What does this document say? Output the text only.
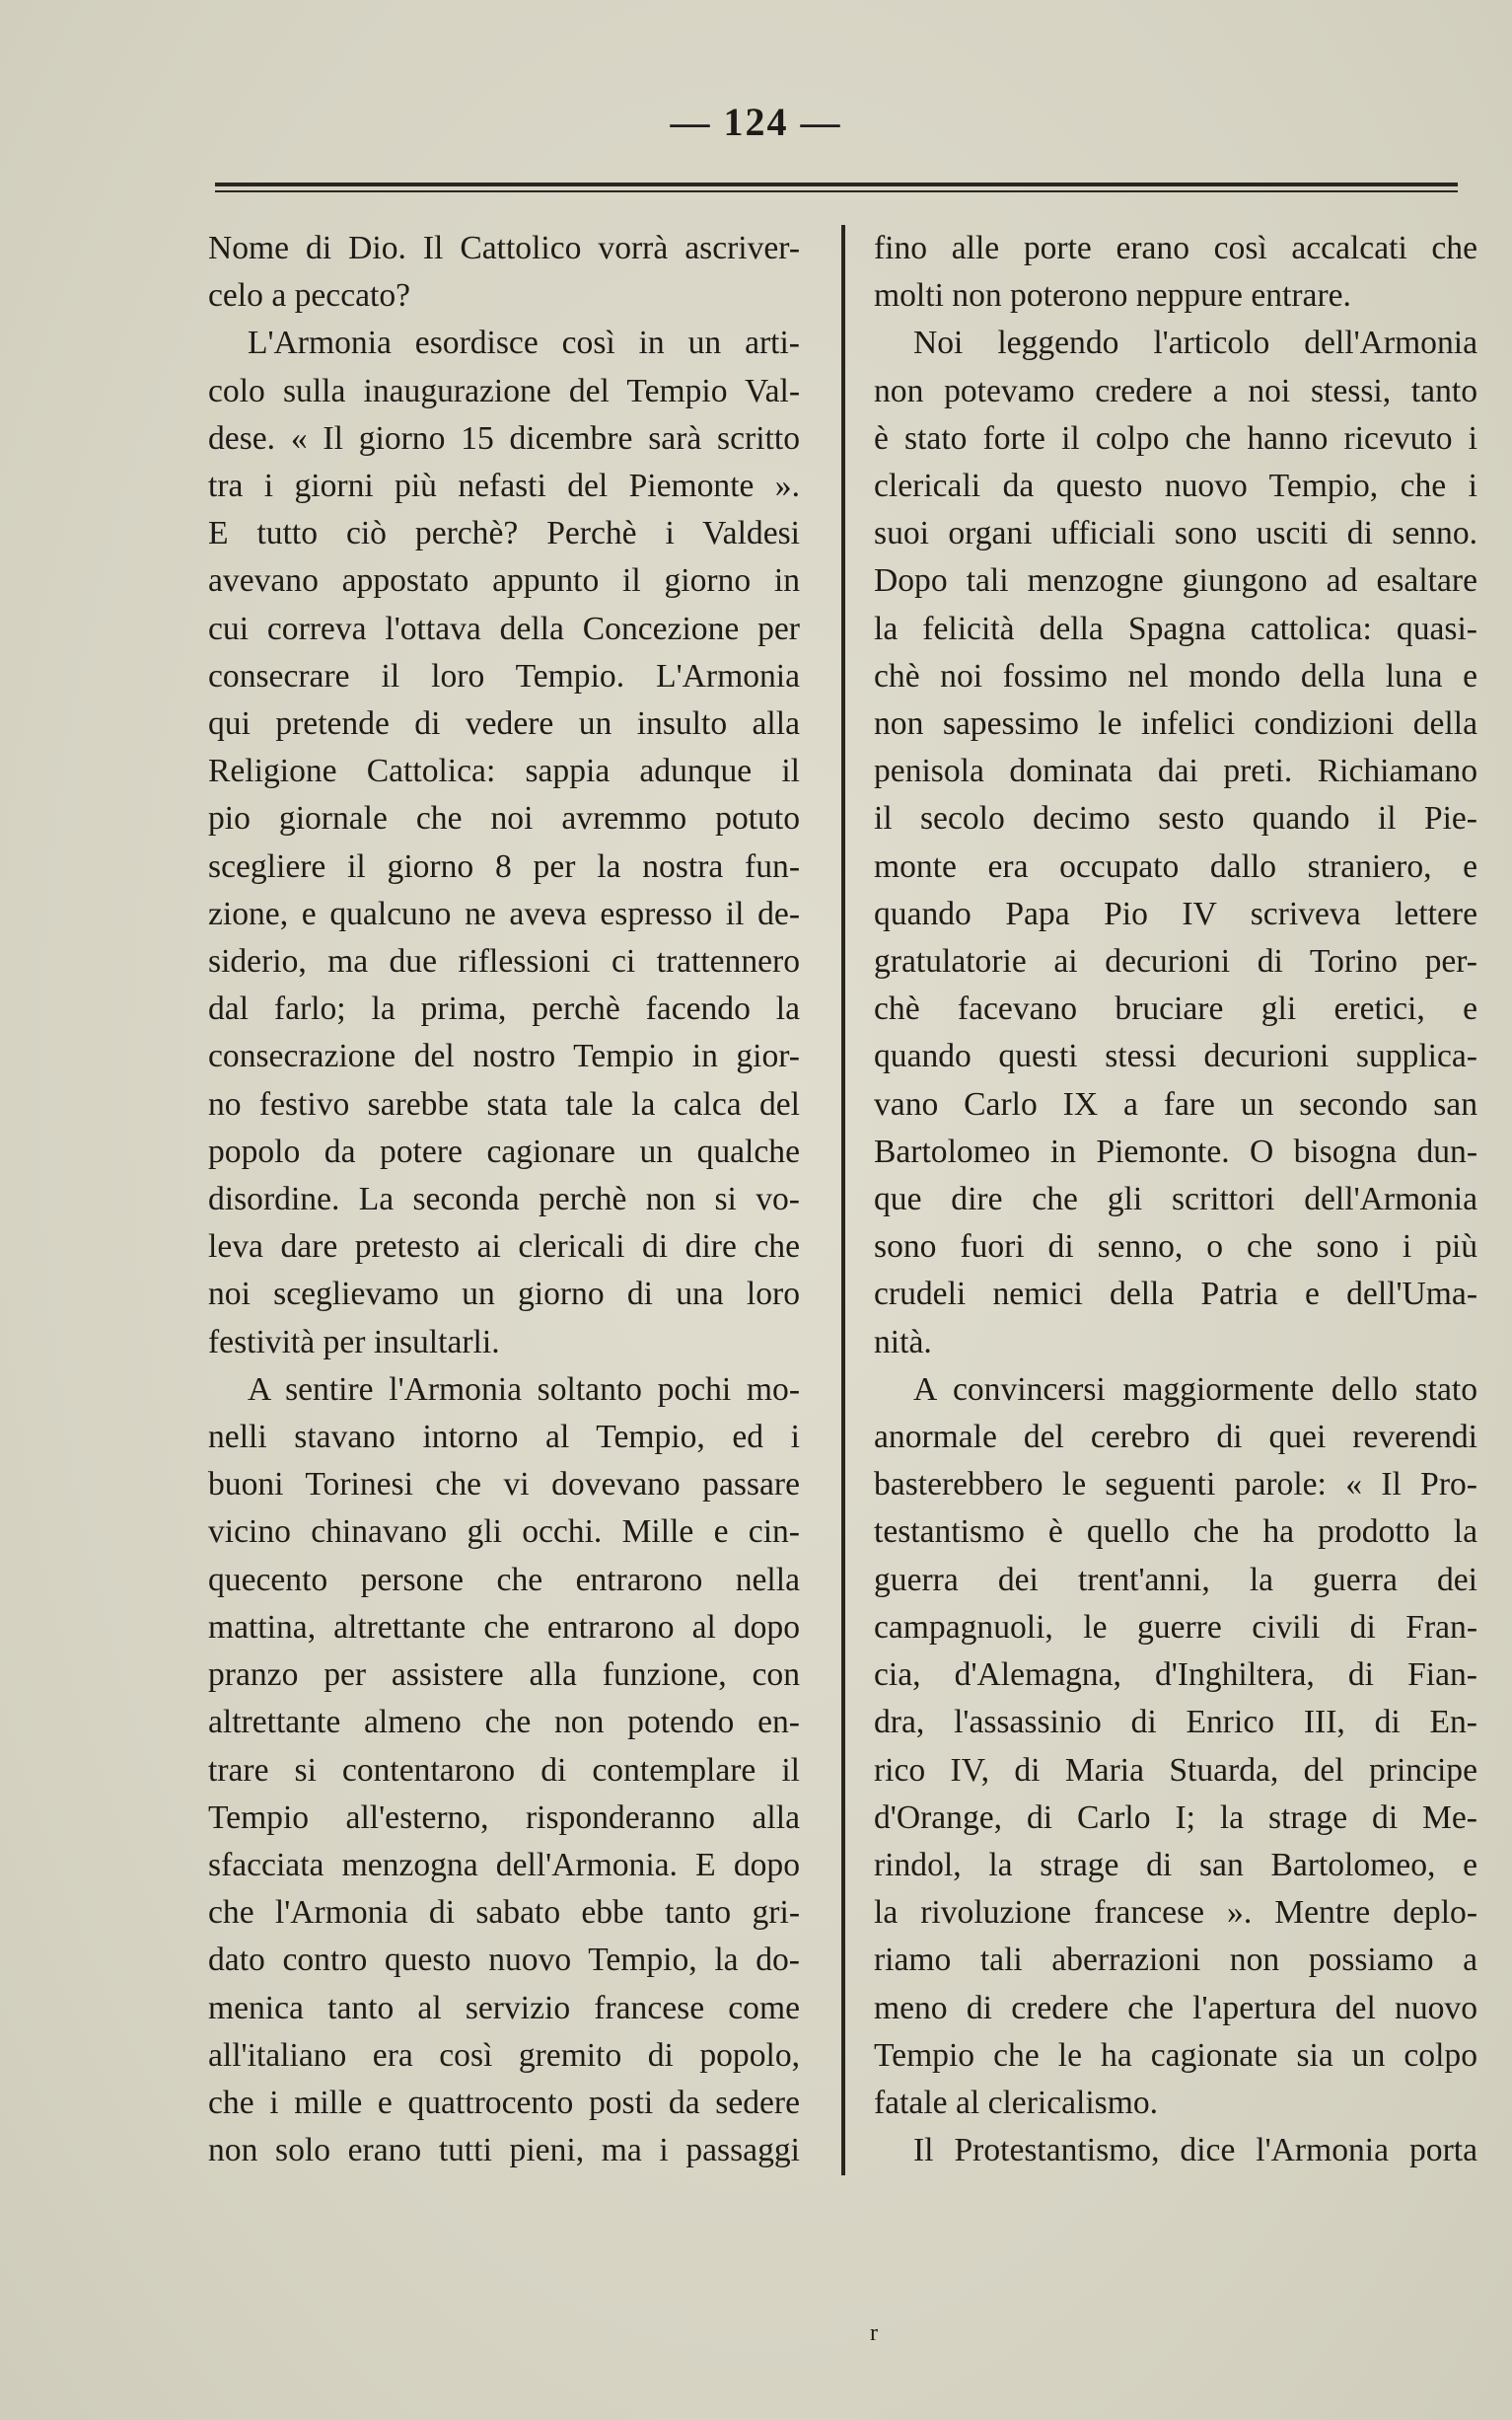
— 124 —
Nome di Dio. Il Cattolico vorrà ascriver-
celo a peccato?
L'Armonia esordisce così in un arti-
colo sulla inaugurazione del Tempio Val-
dese. « Il giorno 15 dicembre sarà scritto
tra i giorni più nefasti del Piemonte ».
E tutto ciò perchè? Perchè i Valdesi
avevano appostato appunto il giorno in
cui correva l'ottava della Concezione per
consecrare il loro Tempio. L'Armonia
qui pretende di vedere un insulto alla
Religione Cattolica: sappia adunque il
pio giornale che noi avremmo potuto
scegliere il giorno 8 per la nostra fun-
zione, e qualcuno ne aveva espresso il de-
siderio, ma due riflessioni ci trattennero
dal farlo; la prima, perchè facendo la
consecrazione del nostro Tempio in gior-
no festivo sarebbe stata tale la calca del
popolo da potere cagionare un qualche
disordine. La seconda perchè non si vo-
leva dare pretesto ai clericali di dire che
noi sceglievamo un giorno di una loro
festività per insultarli.
A sentire l'Armonia soltanto pochi mo-
nelli stavano intorno al Tempio, ed i
buoni Torinesi che vi dovevano passare
vicino chinavano gli occhi. Mille e cin-
quecento persone che entrarono nella
mattina, altrettante che entrarono al dopo
pranzo per assistere alla funzione, con
altrettante almeno che non potendo en-
trare si contentarono di contemplare il
Tempio all'esterno, risponderanno alla
sfacciata menzogna dell'Armonia. E dopo
che l'Armonia di sabato ebbe tanto gri-
dato contro questo nuovo Tempio, la do-
menica tanto al servizio francese come
all'italiano era così gremito di popolo,
che i mille e quattrocento posti da sedere
non solo erano tutti pieni, ma i passaggi
fino alle porte erano così accalcati che
molti non poterono neppure entrare.
Noi leggendo l'articolo dell'Armonia
non potevamo credere a noi stessi, tanto
è stato forte il colpo che hanno ricevuto i
clericali da questo nuovo Tempio, che i
suoi organi ufficiali sono usciti di senno.
Dopo tali menzogne giungono ad esaltare
la felicità della Spagna cattolica: quasi-
chè noi fossimo nel mondo della luna e
non sapessimo le infelici condizioni della
penisola dominata dai preti. Richiamano
il secolo decimo sesto quando il Pie-
monte era occupato dallo straniero, e
quando Papa Pio IV scriveva lettere
gratulatorie ai decurioni di Torino per-
chè facevano bruciare gli eretici, e
quando questi stessi decurioni supplica-
vano Carlo IX a fare un secondo san
Bartolomeo in Piemonte. O bisogna dun-
que dire che gli scrittori dell'Armonia
sono fuori di senno, o che sono i più
crudeli nemici della Patria e dell'Uma-
nità.
A convincersi maggiormente dello stato
anormale del cerebro di quei reverendi
basterebbero le seguenti parole: « Il Pro-
testantismo è quello che ha prodotto la
guerra dei trent'anni, la guerra dei
campagnuoli, le guerre civili di Fran-
cia, d'Alemagna, d'Inghiltera, di Fian-
dra, l'assassinio di Enrico III, di En-
rico IV, di Maria Stuarda, del principe
d'Orange, di Carlo I; la strage di Me-
rindol, la strage di san Bartolomeo, e
la rivoluzione francese ». Mentre deplo-
riamo tali aberrazioni non possiamo a
meno di credere che l'apertura del nuovo
Tempio che le ha cagionate sia un colpo
fatale al clericalismo.
Il Protestantismo, dice l'Armonia porta
r
